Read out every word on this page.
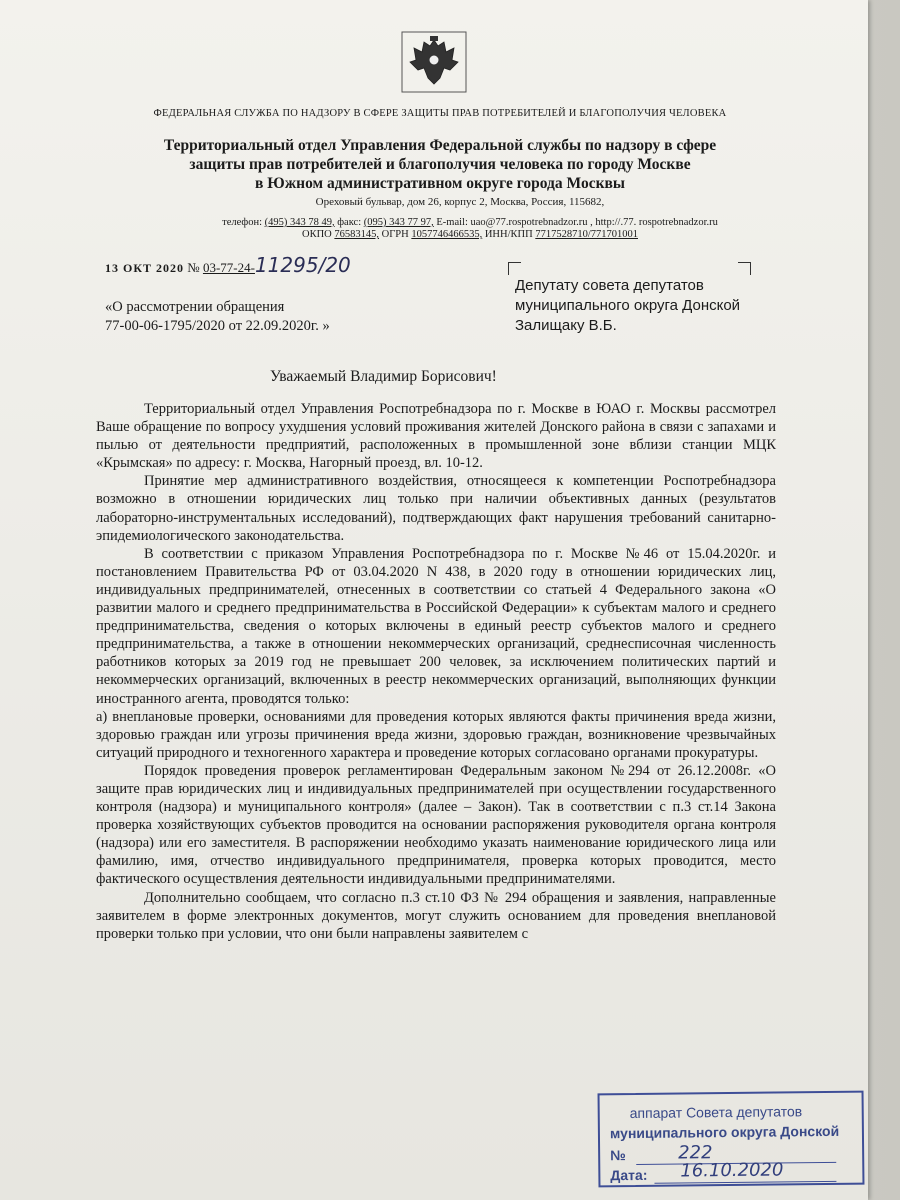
ФЕДЕРАЛЬНАЯ СЛУЖБА ПО НАДЗОРУ В СФЕРЕ ЗАЩИТЫ ПРАВ ПОТРЕБИТЕЛЕЙ И БЛАГОПОЛУЧИЯ ЧЕЛОВЕКА
Территориальный отдел Управления Федеральной службы по надзору в сфере
защиты прав потребителей и благополучия человека по городу Москве
в Южном административном округе города Москвы
Ореховый бульвар, дом 26, корпус 2, Москва, Россия, 115682,
телефон: (495) 343 78 49, факс: (095) 343 77 97, E-mail: uao@77.rospotrebnadzor.ru , http://.77. rospotrebnadzor.ru
ОКПО 76583145, ОГРН 1057746466535, ИНН/КПП 7717528710/771701001
13 ОКТ 2020 № 03-77-24-11295/20
«О рассмотрении обращения
77-00-06-1795/2020 от 22.09.2020г. »
Депутату совета депутатов
муниципального округа Донской
Залищаку В.Б.
Уважаемый Владимир Борисович!

Территориальный отдел Управления Роспотребнадзора по г. Москве в ЮАО г. Москвы рассмотрел Ваше обращение по вопросу ухудшения условий проживания жителей Донского района в связи с запахами и пылью от деятельности предприятий, расположенных в промышленной зоне вблизи станции МЦК «Крымская» по адресу: г. Москва, Нагорный проезд, вл. 10-12.

Принятие мер административного воздействия, относящееся к компетенции Роспотребнадзора возможно в отношении юридических лиц только при наличии объективных данных (результатов лабораторно-инструментальных исследований), подтверждающих факт нарушения требований санитарно-эпидемиологического законодательства.

В соответствии с приказом Управления Роспотребнадзора по г. Москве №46 от 15.04.2020г. и постановлением Правительства РФ от 03.04.2020 N 438, в 2020 году в отношении юридических лиц, индивидуальных предпринимателей, отнесенных в соответствии со статьей 4 Федерального закона «О развитии малого и среднего предпринимательства в Российской Федерации» к субъектам малого и среднего предпринимательства, сведения о которых включены в единый реестр субъектов малого и среднего предпринимательства, а также в отношении некоммерческих организаций, среднесписочная численность работников которых за 2019 год не превышает 200 человек, за исключением политических партий и некоммерческих организаций, включенных в реестр некоммерческих организаций, выполняющих функции иностранного агента, проводятся только:

а) внеплановые проверки, основаниями для проведения которых являются факты причинения вреда жизни, здоровью граждан или угрозы причинения вреда жизни, здоровью граждан, возникновение чрезвычайных ситуаций природного и техногенного характера и проведение которых согласовано органами прокуратуры.

Порядок проведения проверок регламентирован Федеральным законом №294 от 26.12.2008г. «О защите прав юридических лиц и индивидуальных предпринимателей при осуществлении государственного контроля (надзора) и муниципального контроля» (далее – Закон). Так в соответствии с п.3 ст.14 Закона проверка хозяйствующих субъектов проводится на основании распоряжения руководителя органа контроля (надзора) или его заместителя. В распоряжении необходимо указать наименование юридического лица или фамилию, имя, отчество индивидуального предпринимателя, проверка которых проводится, место фактического осуществления деятельности индивидуальными предпринимателями.

Дополнительно сообщаем, что согласно п.3 ст.10 ФЗ № 294 обращения и заявления, направленные заявителем в форме электронных документов, могут служить основанием для проведения внеплановой проверки только при условии, что они были направлены заявителем с

аппарат Совета депутатов
муниципального округа Донской
№	222
Дата: 16.10.2020
